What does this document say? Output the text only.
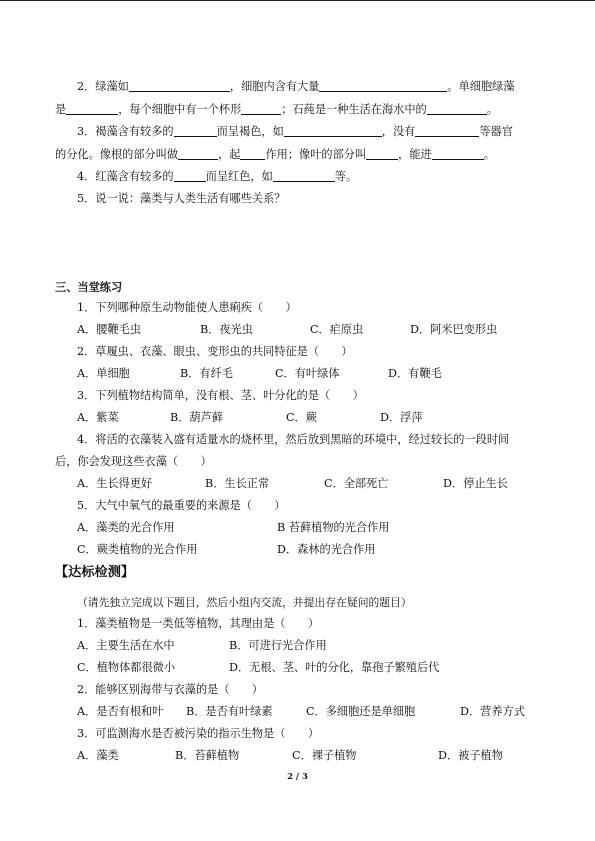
2．绿藻如	，细胞内含有大量	。单细胞绿藻
是	，每个细胞中有一个杯形	；石莼是一种生活在海水中的	。
3．褐藻含有较多的	而呈褐色，如	，没有	等器官
的分化。像根的部分叫做	，起 作用；像叶的部分叫	，能进	。
4．红藻含有较多的	而呈红色，如	等。
5．说一说：藻类与人类生活有哪些关系？
三、当堂练习
1．下列哪种原生动物能使人患痢疾（　　）
A．腰鞭毛虫	B．夜光虫	C．疟原虫	D．阿米巴变形虫
2．草履虫、衣藻、眼虫、变形虫的共同特征是（　　）
A．单细胞	B．有纤毛	C．有叶绿体	D．有鞭毛
3．下列植物结构简单，没有根、茎、叶分化的是（　　）
A．紫菜	B．葫芦藓	C．蕨	D．浮萍
4．将活的衣藻装入盛有适量水的烧杯里，然后放到黑暗的环境中，经过较长的一段时间
后，你会发现这些衣藻（　　）
A．生长得更好	B．生长正常	C．全部死亡	D．停止生长
5．大气中氧气的最重要的来源是（　　）
A．藻类的光合作用	B 苔藓植物的光合作用
C．蕨类植物的光合作用	D．森林的光合作用
【达标检测】
（请先独立完成以下题目，然后小组内交流，并提出存在疑问的题目）
1．藻类植物是一类低等植物，其理由是（　　）
A．主要生活在水中	B．可进行光合作用
C．植物体都很微小	D．无根、茎、叶的分化，靠孢子繁殖后代
2．能够区别海带与衣藻的是（　　）
A．是否有根和叶 B．是否有叶绿素	C．多细胞还是单细胞	D．营养方式
3．可监测海水是否被污染的指示生物是（　　）
A．藻类	B．苔藓植物	C．裸子植物	D．被子植物
2 / 3
